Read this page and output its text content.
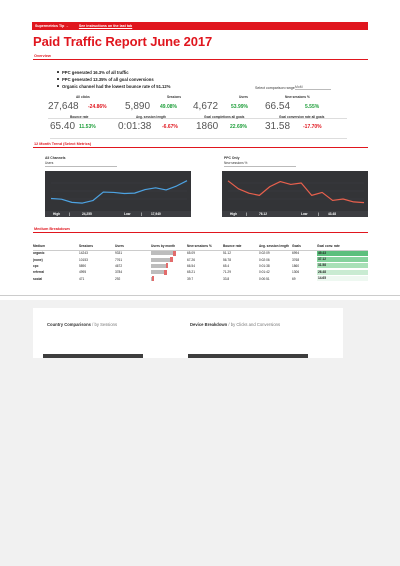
Supermetrics Tip →	See instructions on the last tab
Paid Traffic Report June 2017
Overview
PPC generated 16.3% of all traffic
PPC generated 13.35% of all goal conversions
Organic channel had the lowest bounce rate of 51.12%	Select comparison range MoM
All clicks
27,648 -24.86%
Sessions
5,890 49.08%
Users
4,672	53.99%
New sessions %
66.54	5.55%
Bounce rate
65.40 11.53%
Avg. session length
0:01:38 -6.67%
Goal completions all goals
1860 22.69%
Goal conversion rate all goals
31.58	-17.70%
12 Month Trend (Select Metrics)
All Channels
Users
PPC Only
New sessions %
High	|	24,255	Low	|	17,940	High	|	76.12	Low	|	43.48
Medium Breakdown
Medium	Sessions	Users	Users by month	New sessions %	Bounce rate	Avg. session length	Goals	Goal conv. rate
organic	14243	9331		65.09	51.12	0:02:09	6994	49.43

(none)	10153	7761		67.26	56.78	0:02:06	3768	37.12

cpc	5890	4672		66.54	65.4	0:01:38	1860	31.58

referral	4995	3784		65.21	71.29	0:01:42	1306	26.48

social	471	292		39.7	33.8	0:00:51	69	14.65
Country Comparisons / by Sessions	Device Breakdown / by Clicks and Conversions
